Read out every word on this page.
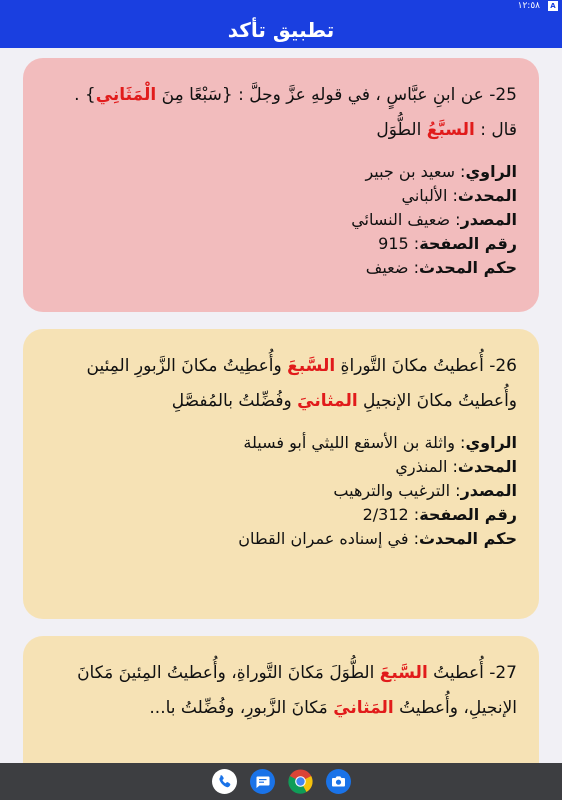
١٢:٥٨	A
تطبيق تأكد
25- عن ابنِ عبَّاسٍ ، في قولهِ عزَّ وجلَّ : {سَبْعًا مِنَ الْمَثَانِي} . قال : السبَّعُ الطُّوَل
الراوي: سعيد بن جبير
المحدث: الألباني
المصدر: ضعيف النسائي
رقم الصفحة: 915
حكم المحدث: ضعيف
26- أُعطيتُ مكانَ التَّوراةِ السَّبعَ وأُعطِيتُ مكانَ الزَّبورِ المِئين وأُعطيتُ مكانَ الإنجيلِ المثانيَ وفُضِّلتُ بالمُفصَّلِ
الراوي: واثلة بن الأسقع الليثي أبو فسيلة
المحدث: المنذري
المصدر: الترغيب والترهيب
رقم الصفحة: 2/312
حكم المحدث: في إسناده عمران القطان
27- أُعطيتُ السَّبعَ الطُّوَلَ مَكانَ التَّوراةِ، وأُعطيتُ المِئينَ مَكانَ الإنجيلِ، وأُعطيتُ المَثانيَ مَكانَ الزَّبورِ، وفُضِّلتُ با...
